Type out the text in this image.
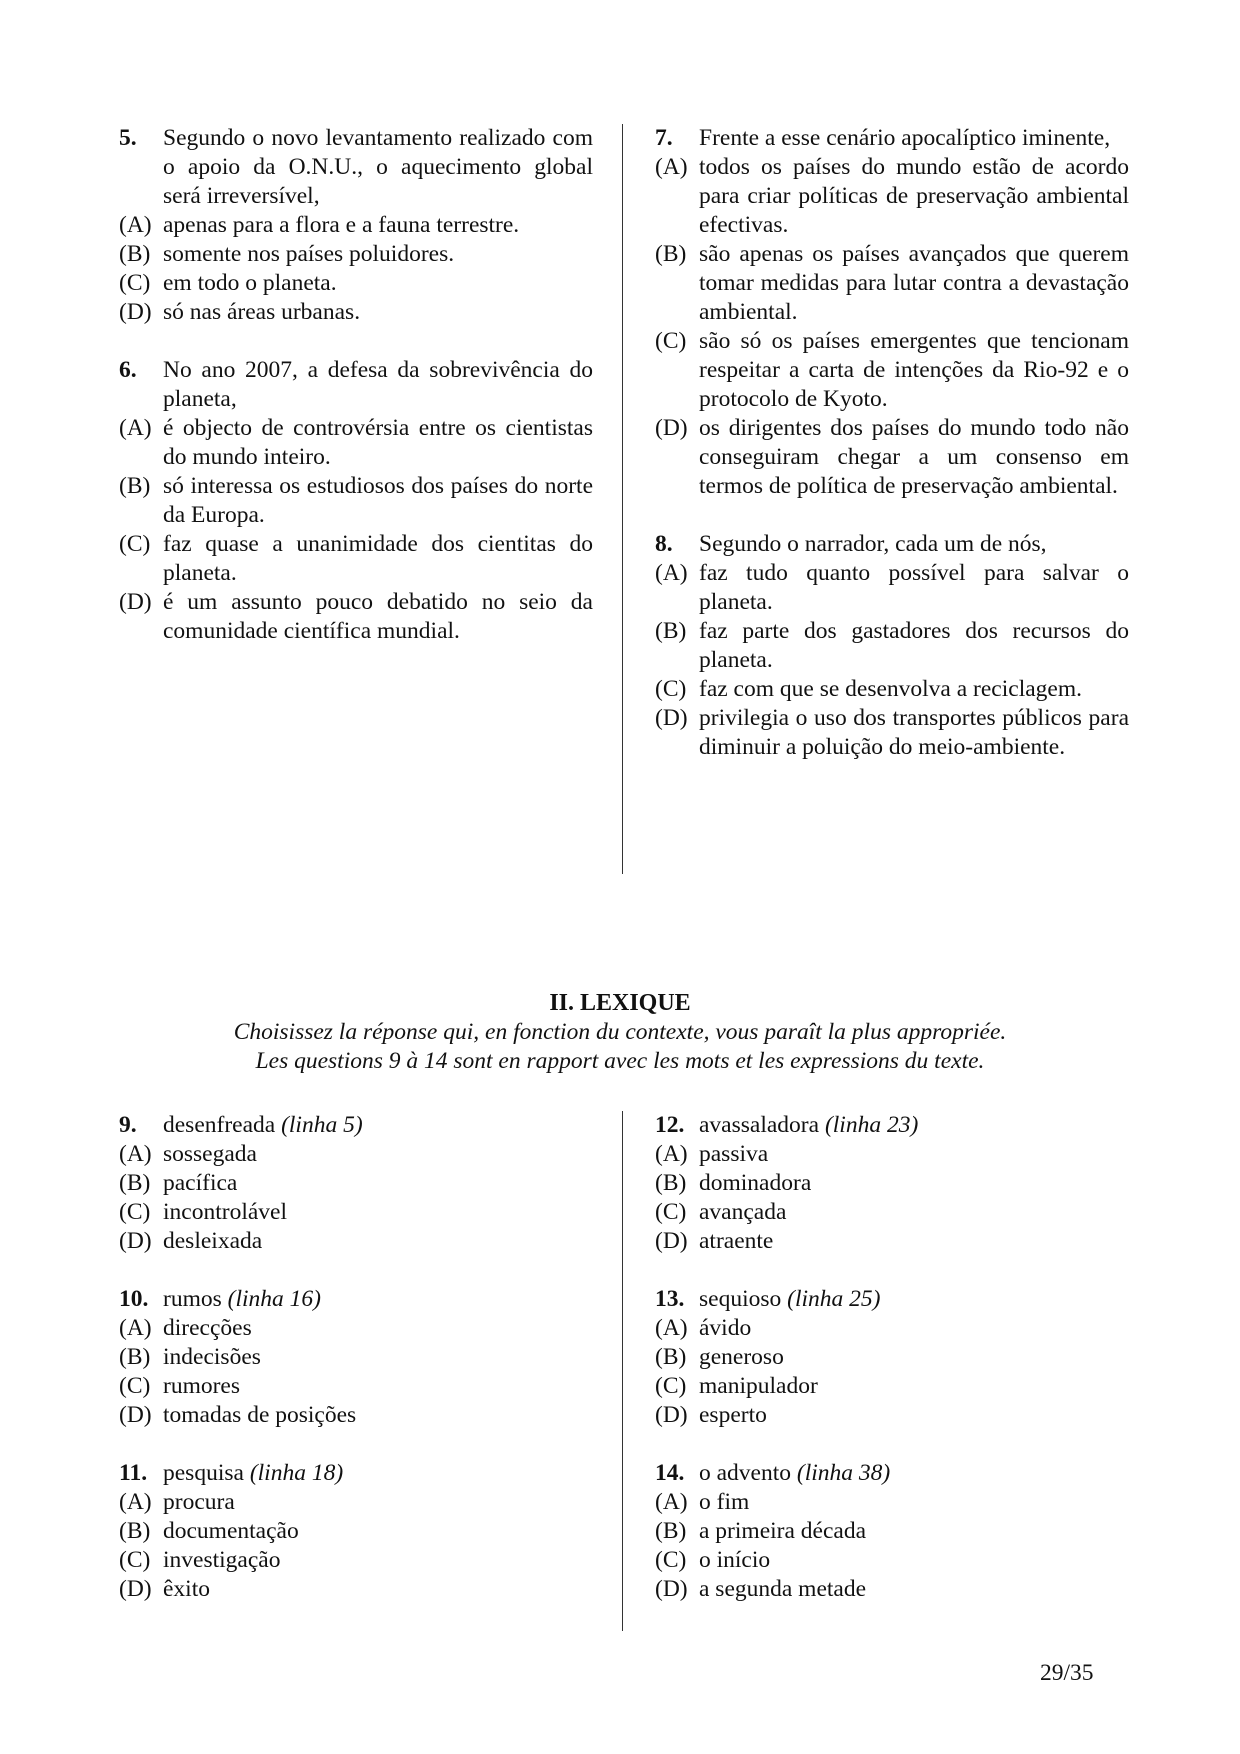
5.	Segundo o novo levantamento realizado com o apoio da O.N.U., o aquecimento global será irreversível,
(A) apenas para a flora e a fauna terrestre.
(B) somente nos países poluidores.
(C) em todo o planeta.
(D) só nas áreas urbanas.
6.	No ano 2007, a defesa da sobrevivência do planeta,
(A) é objecto de controvérsia entre os cientistas do mundo inteiro.
(B) só interessa os estudiosos dos países do norte da Europa.
(C) faz quase a unanimidade dos cientitas do planeta.
(D) é um assunto pouco debatido no seio da comunidade científica mundial.
7.	Frente a esse cenário apocalíptico iminente,
(A) todos os países do mundo estão de acordo para criar políticas de preservação ambiental efectivas.
(B) são apenas os países avançados que querem tomar medidas para lutar contra a devastação ambiental.
(C) são só os países emergentes que tencionam respeitar a carta de intenções da Rio-92 e o protocolo de Kyoto.
(D) os dirigentes dos países do mundo todo não conseguiram chegar a um consenso em termos de política de preservação ambiental.
8.	Segundo o narrador, cada um de nós,
(A) faz tudo quanto possível para salvar o planeta.
(B) faz parte dos gastadores dos recursos do planeta.
(C) faz com que se desenvolva a reciclagem.
(D) privilegia o uso dos transportes públicos para diminuir a poluição do meio-ambiente.
II. LEXIQUE
Choisissez la réponse qui, en fonction du contexte, vous paraît la plus appropriée.
Les questions 9 à 14 sont en rapport avec les mots et les expressions du texte.
9.	desenfreada (linha 5)
(A) sossegada
(B) pacífica
(C) incontrolável
(D) desleixada
10. rumos (linha 16)
(A) direcções
(B) indecisões
(C) rumores
(D) tomadas de posições
11. pesquisa (linha 18)
(A) procura
(B) documentação
(C) investigação
(D) êxito
12. avassaladora (linha 23)
(A) passiva
(B) dominadora
(C) avançada
(D) atraente
13. sequioso (linha 25)
(A) ávido
(B) generoso
(C) manipulador
(D) esperto
14. o advento (linha 38)
(A) o fim
(B) a primeira década
(C) o início
(D) a segunda metade
29/35
